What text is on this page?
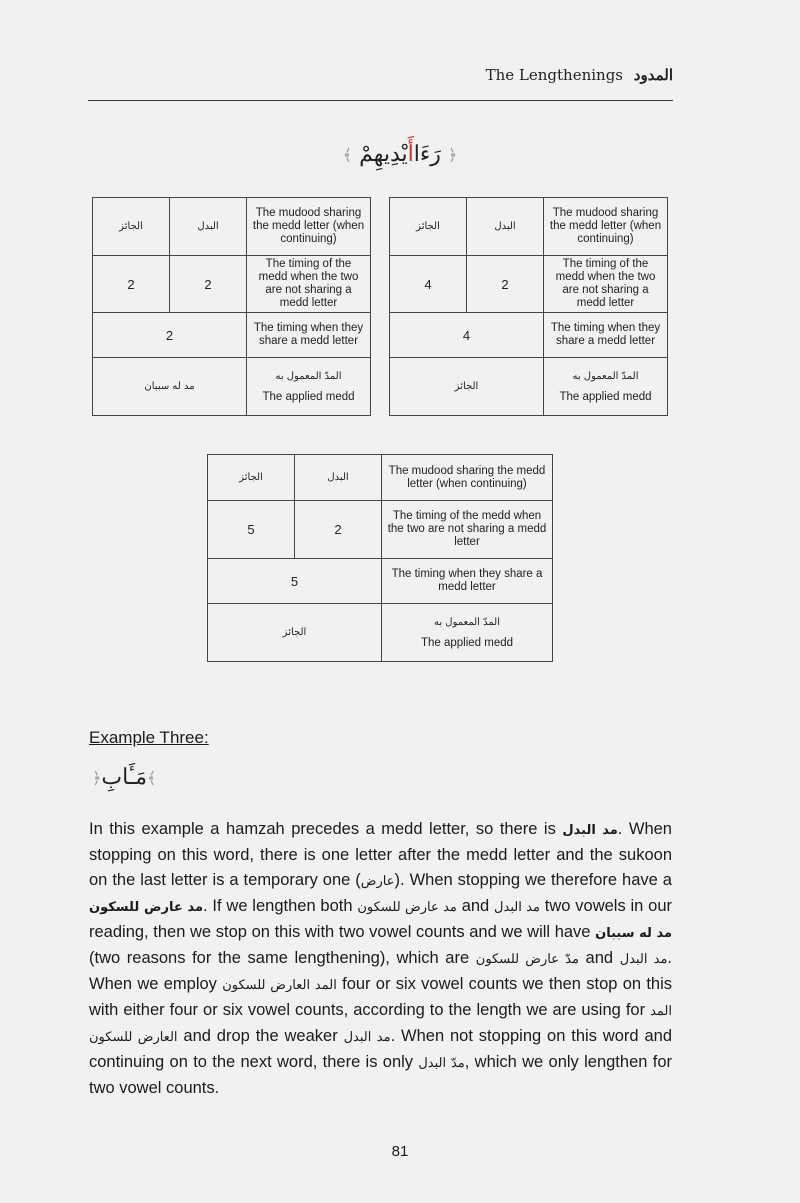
The Lengthenings المدود
﴾	رَءَاأَيْدِيهِمْ	﴿
الجائز	البدل	The mudood sharing the medd letter (when continuing)
2	2	The timing of the medd when the two are not sharing a medd letter
2		The timing when they share a medd letter
مد له سببان		المدّ المعمول به
The applied medd
الجائز	البدل	The mudood sharing the medd letter (when continuing)
4	2	The timing of the medd when the two are not sharing a medd letter
4		The timing when they share a medd letter
الجائز		المدّ المعمول به
The applied medd
الجائز	البدل	The mudood sharing the medd letter (when continuing)
5	2	The timing of the medd when the two are not sharing a medd letter
5		The timing when they share a medd letter
الجائز		المدّ المعمول به
The applied medd
Example Three:
﴿مَـَٔابِ﴾
In this example a hamzah precedes a medd letter, so there is مد البدل. When stopping on this word, there is one letter after the medd letter and the sukoon on the last letter is a temporary one (عارض). When stopping we therefore have a مد عارض للسكون. If we lengthen both مد عارض للسكون and مد البدل two vowels in our reading, then we stop on this with two vowel counts and we will have مد له سببان (two reasons for the same lengthening), which are مدّ عارض للسكون and مد البدل. When we employ المد العارض للسكون four or six vowel counts we then stop on this with either four or six vowel counts, according to the length we are using for المد العارض للسكون and drop the weaker مد البدل. When not stopping on this word and continuing on to the next word, there is only مدّ البدل, which we only lengthen for two vowel counts.
81
